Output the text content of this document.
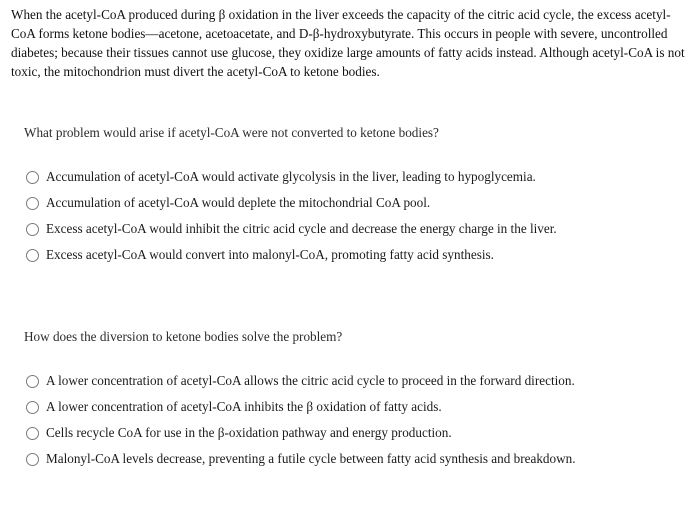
When the acetyl-CoA produced during β oxidation in the liver exceeds the capacity of the citric acid cycle, the excess acetyl-CoA forms ketone bodies—acetone, acetoacetate, and D-β-hydroxybutyrate. This occurs in people with severe, uncontrolled diabetes; because their tissues cannot use glucose, they oxidize large amounts of fatty acids instead. Although acetyl-CoA is not toxic, the mitochondrion must divert the acetyl-CoA to ketone bodies.

What problem would arise if acetyl-CoA were not converted to ketone bodies?
Accumulation of acetyl-CoA would activate glycolysis in the liver, leading to hypoglycemia.
Accumulation of acetyl-CoA would deplete the mitochondrial CoA pool.
Excess acetyl-CoA would inhibit the citric acid cycle and decrease the energy charge in the liver.
Excess acetyl-CoA would convert into malonyl-CoA, promoting fatty acid synthesis.
How does the diversion to ketone bodies solve the problem?
A lower concentration of acetyl-CoA allows the citric acid cycle to proceed in the forward direction.
A lower concentration of acetyl-CoA inhibits the β oxidation of fatty acids.
Cells recycle CoA for use in the β-oxidation pathway and energy production.
Malonyl-CoA levels decrease, preventing a futile cycle between fatty acid synthesis and breakdown.
